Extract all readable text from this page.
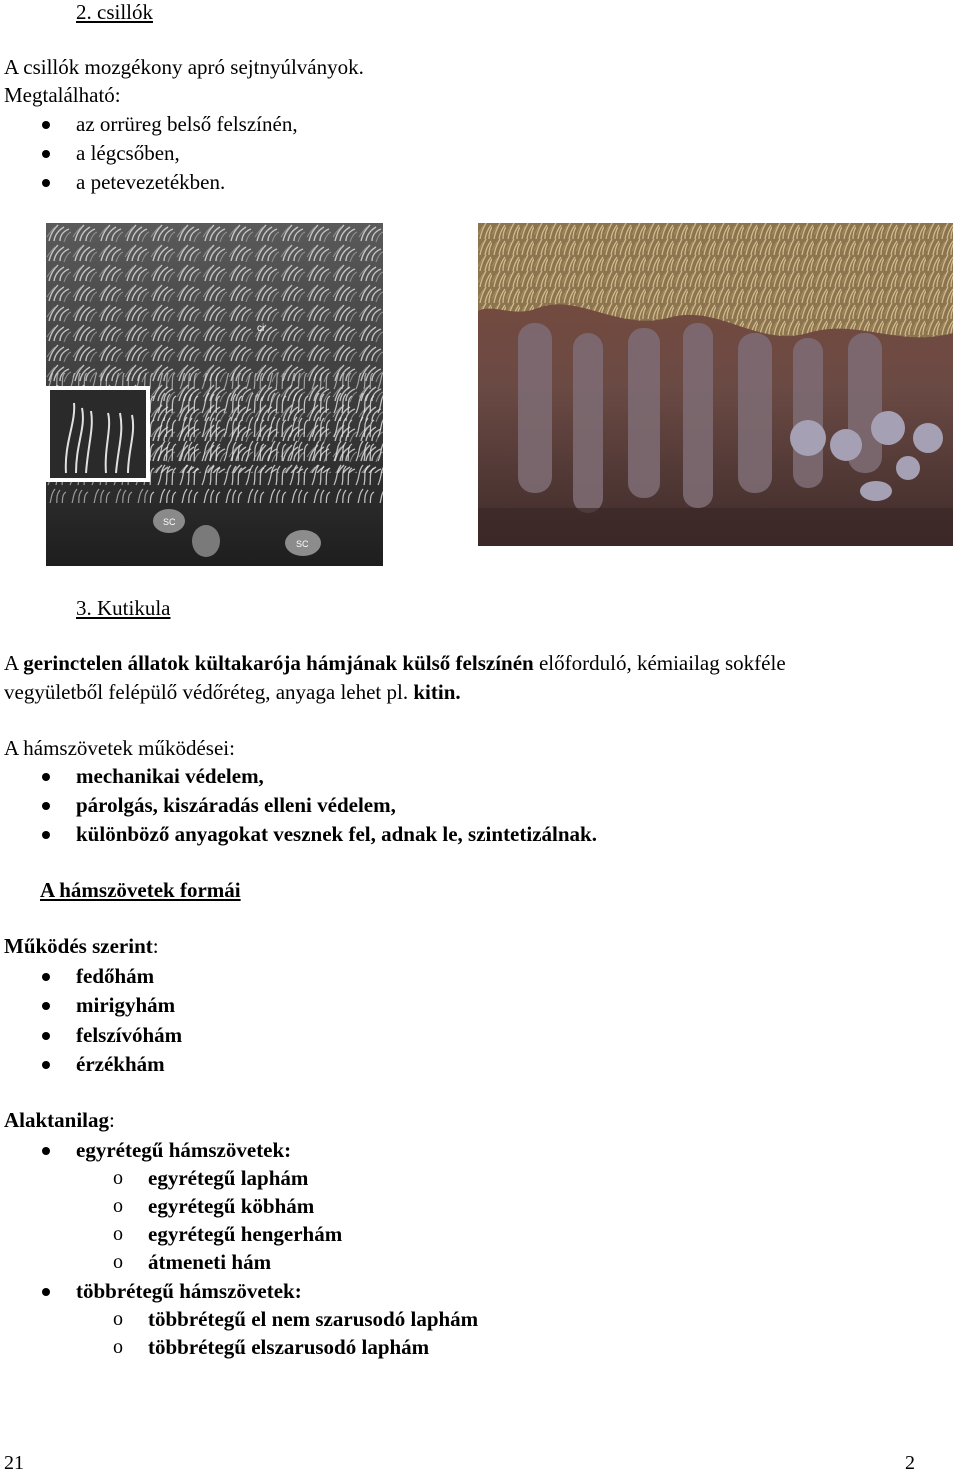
2. csillók
A csillók mozgékony apró sejtnyúlványok.
Megtalálható:
az orrüreg belső felszínén,
a légcsőben,
a petevezetékben.
ci
SC
SC
3. Kutikula
A gerinctelen állatok kültakarója hámjának külső felszínén előforduló, kémiailag sokféle
vegyületből felépülő védőréteg, anyaga lehet pl. kitin.
A hámszövetek működései:
mechanikai védelem,
párolgás, kiszáradás elleni védelem,
különböző anyagokat vesznek fel, adnak le, szintetizálnak.
A hámszövetek formái
Működés szerint:
fedőhám
mirigyhám
felszívóhám
érzékhám
Alaktanilag:
egyrétegű hámszövetek:
o egyrétegű laphám
o egyrétegű köbhám
o egyrétegű hengerhám
o átmeneti hám
többrétegű hámszövetek:
o többrétegű el nem szarusodó laphám
o többrétegű elszarusodó laphám
21	2
